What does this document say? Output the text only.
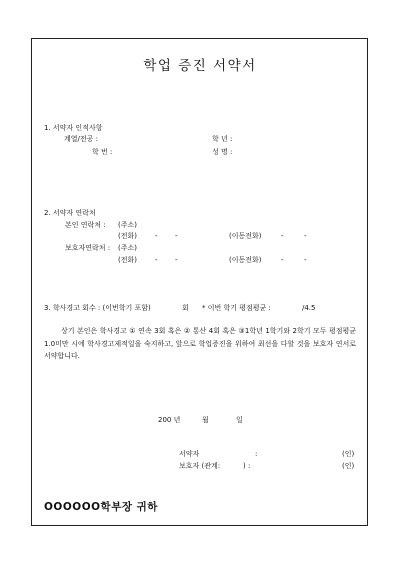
학업 증진 서약서
1. 서약자 인적사항
계열/전공 :	학 년 :
학 번 :	성 명 :
2. 서약자 연락처
본인 연락처 : (주소)
(전화)	- -	(이동전화)	-	-
보호자연락처 : (주소)
(전화)	- -	(이동전화)	-	-
3. 학사경고 회수 : (이번학기 포함)	회 * 이번 학기 평점평균 :	/4.5
상기 본인은 학사경고 ① 연속 3회 혹은 ② 통산 4회 혹은 ③1학년 1학기와 2학기 모두 평점평균 1.0미만 시에 학사경고제적일을 숙지하고, 앞으로 학업증진을 위하여 최선을 다할 것을 보호자 연서로 서약합니다.
200 년	월	일
서약자	:	(인)
보호자 (관계:	) :	(인)
OOOOOO학부장 귀하
